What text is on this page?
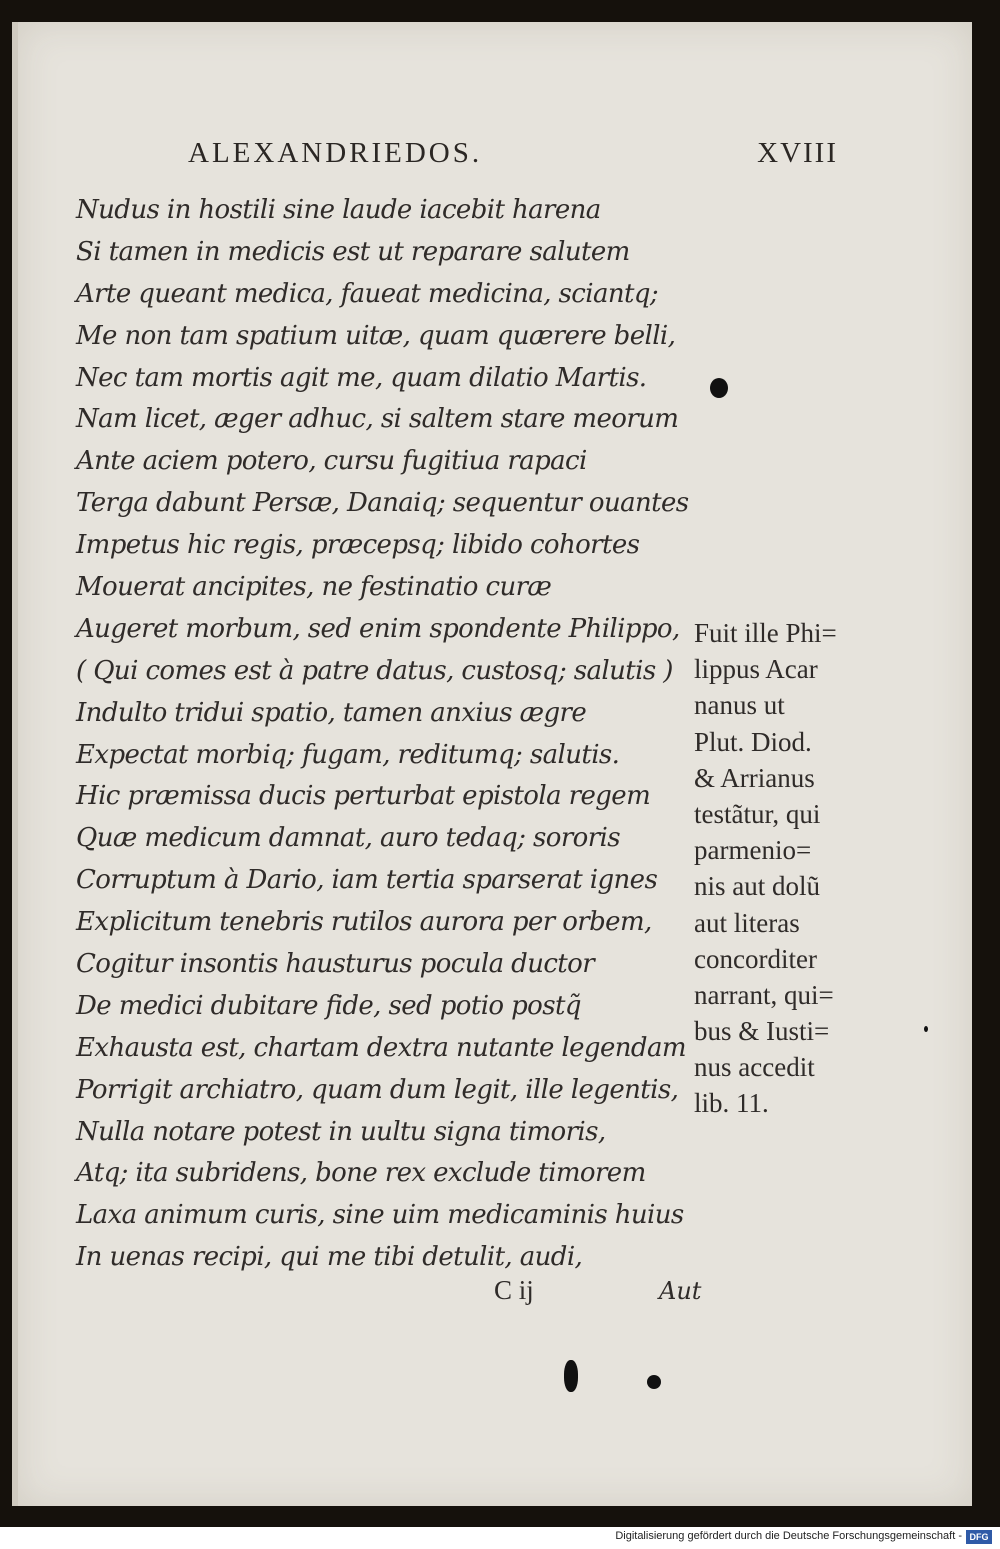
ALEXANDRIEDOS.	XVIII
Nudus in hostili sine laude iacebit harena
Si tamen in medicis est ut reparare salutem
Arte queant medica, faueat medicina, sciantq;
Me non tam spatium uitæ, quam quærere belli,
Nec tam mortis agit me, quam dilatio Martis.
Nam licet, æger adhuc, si saltem stare meorum
Ante aciem potero, cursu fugitiua rapaci
Terga dabunt Persæ, Danaiq; sequentur ouantes
Impetus hic regis, præcepsq; libido cohortes
Mouerat ancipites, ne festinatio curæ
Augeret morbum, sed enim spondente Philippo,
( Qui comes est à patre datus, custosq; salutis )
Indulto tridui spatio, tamen anxius ægre
Expectat morbiq; fugam, reditumq; salutis.
Hic præmissa ducis perturbat epistola regem
Quæ medicum damnat, auro tedaq; sororis
Corruptum à Dario, iam tertia sparserat ignes
Explicitum tenebris rutilos aurora per orbem,
Cogitur insontis hausturus pocula ductor
De medici dubitare fide, sed potio postq̃
Exhausta est, chartam dextra nutante legendam
Porrigit archiatro, quam dum legit, ille legentis,
Nulla notare potest in uultu signa timoris,
Atq; ita subridens, bone rex exclude timorem
Laxa animum curis, sine uim medicaminis huius
In uenas recipi, qui me tibi detulit, audi,
Fuit ille Phi=
lippus Acar
nanus ut
Plut. Diod.
& Arrianus
testãtur, qui
parmenio=
nis aut dolũ
aut literas
concorditer
narrant, qui=
bus & Iusti=
nus accedit
lib. 11.
C ij	Aut
Digitalisierung gefördert durch die Deutsche Forschungsgemeinschaft - DFG
